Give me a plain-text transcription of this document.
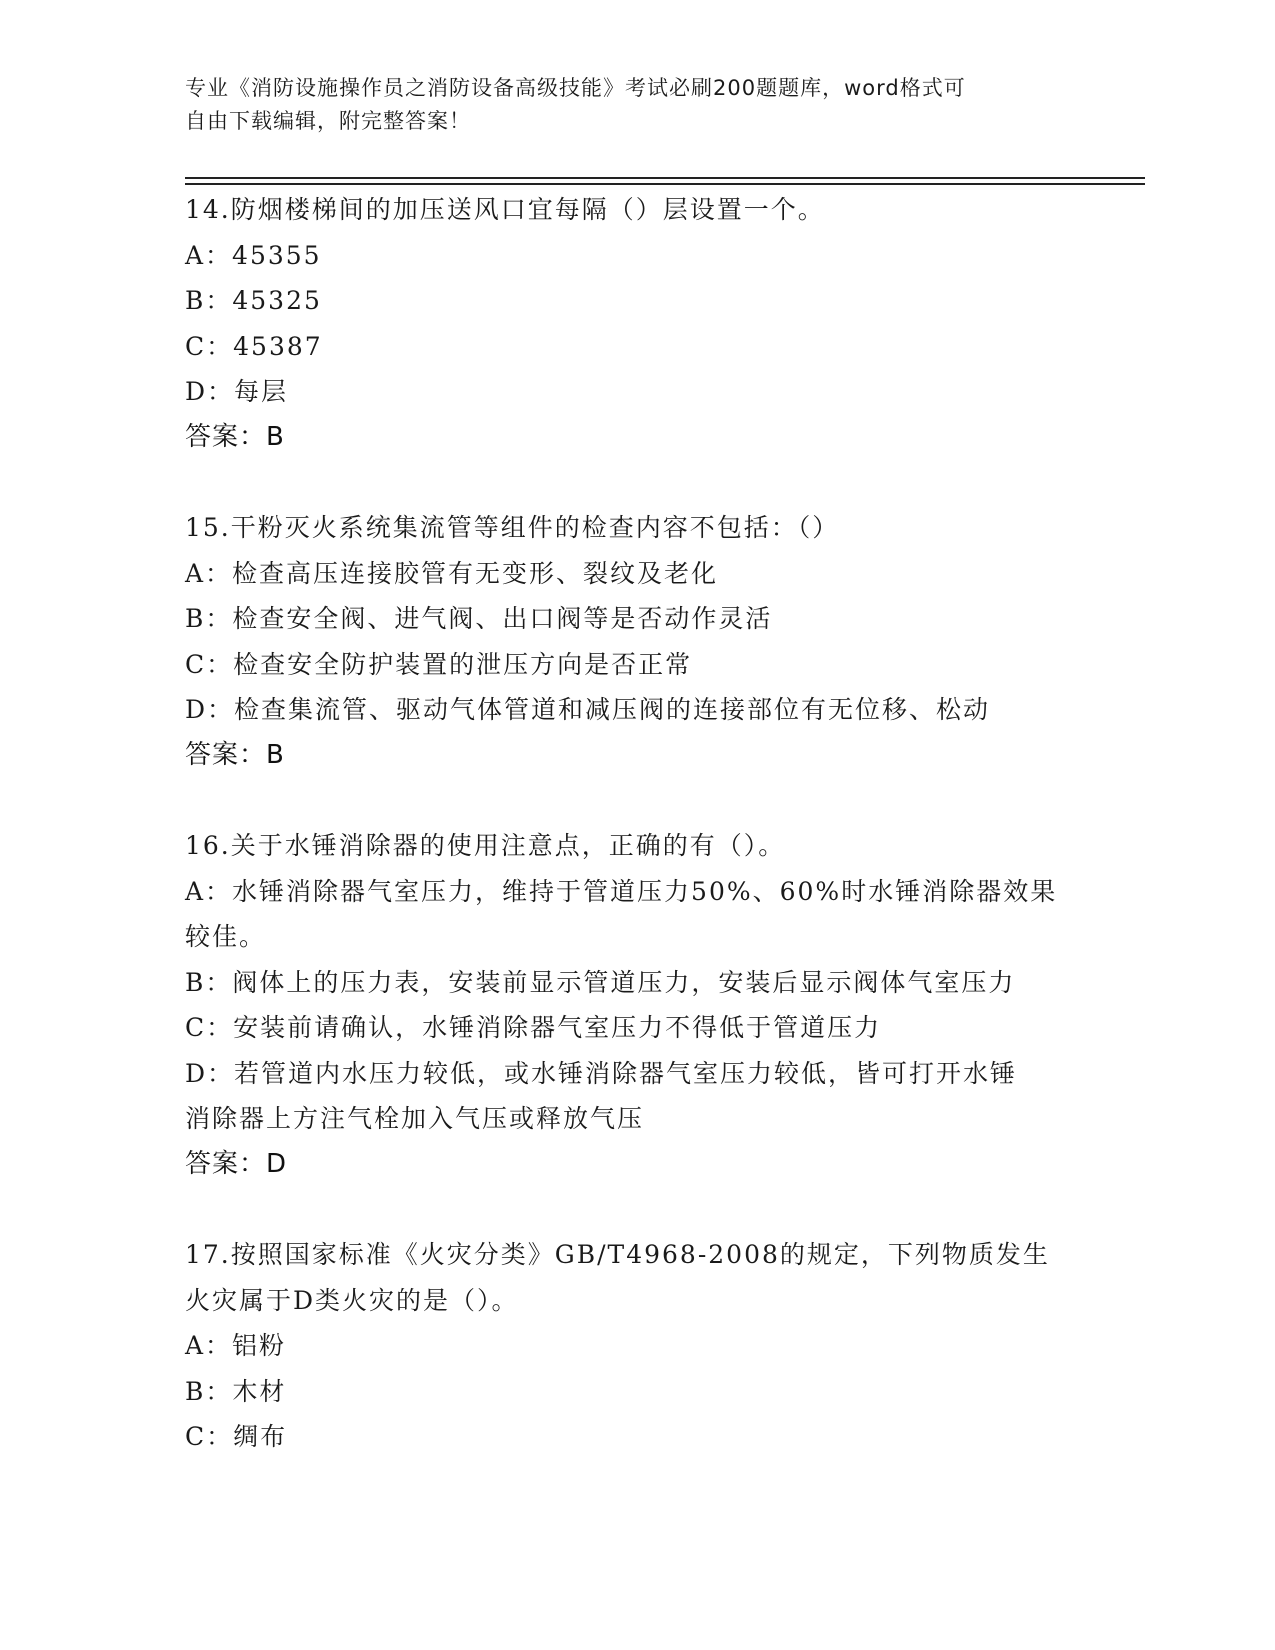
专业《消防设施操作员之消防设备高级技能》考试必刷200题题库，word格式可
自由下载编辑，附完整答案！
14.防烟楼梯间的加压送风口宜每隔（）层设置一个。
A：45355
B：45325
C：45387
D：每层
答案：B
15.干粉灭火系统集流管等组件的检查内容不包括：（）
A：检查高压连接胶管有无变形、裂纹及老化
B：检查安全阀、进气阀、出口阀等是否动作灵活
C：检查安全防护装置的泄压方向是否正常
D：检查集流管、驱动气体管道和减压阀的连接部位有无位移、松动
答案：B
16.关于水锤消除器的使用注意点，正确的有（）。
A：水锤消除器气室压力，维持于管道压力50%、60%时水锤消除器效果
较佳。
B：阀体上的压力表，安装前显示管道压力，安装后显示阀体气室压力
C：安装前请确认，水锤消除器气室压力不得低于管道压力
D：若管道内水压力较低，或水锤消除器气室压力较低，皆可打开水锤
消除器上方注气栓加入气压或释放气压
答案：D
17.按照国家标准《火灾分类》GB/T4968-2008的规定，下列物质发生
火灾属于D类火灾的是（）。
A：铝粉
B：木材
C：绸布
